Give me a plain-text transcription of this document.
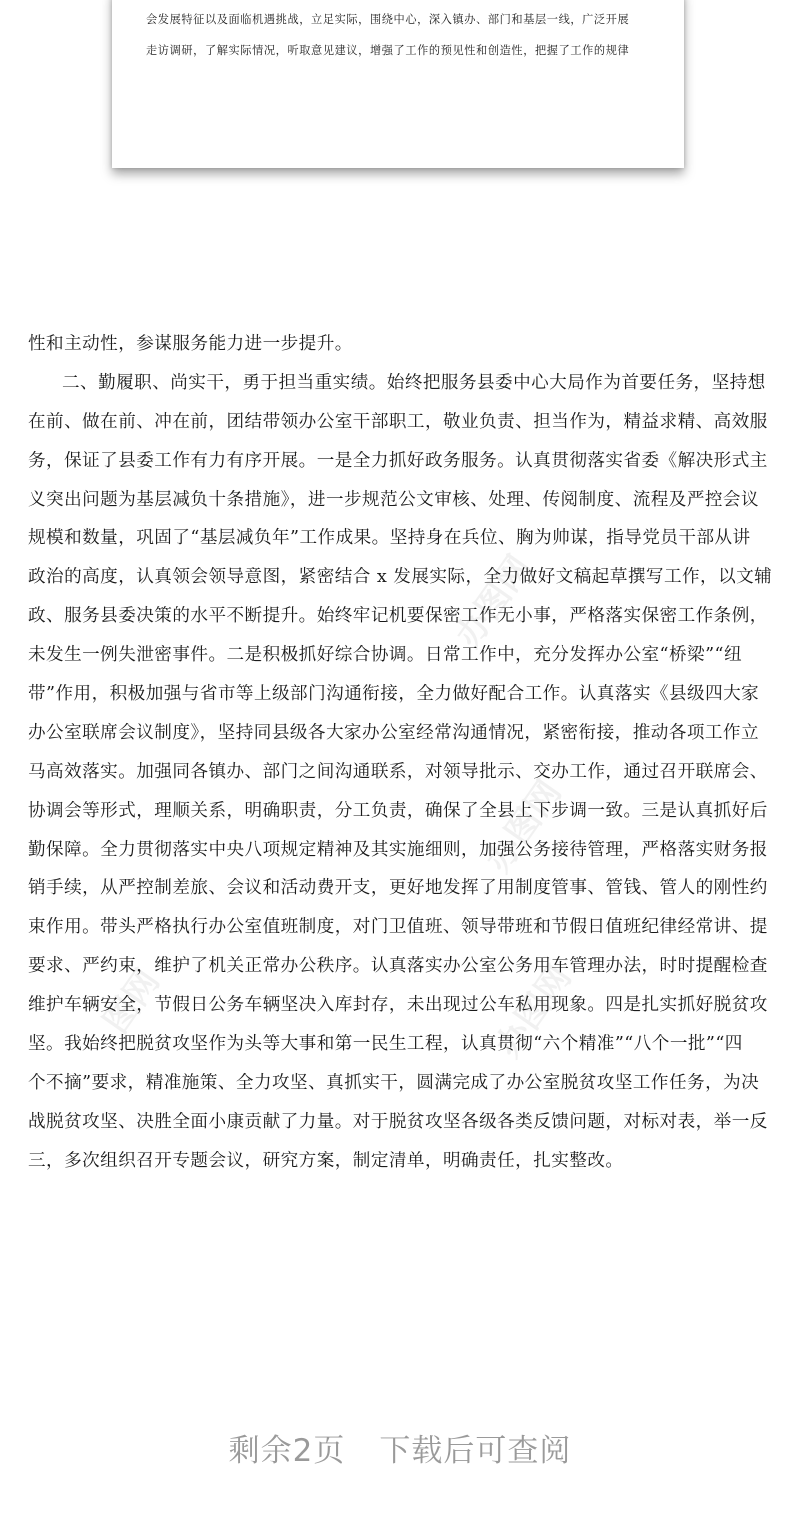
会发展特征以及面临机遇挑战，立足实际，围绕中心，深入镇办、部门和基层一线，广泛开展
走访调研，了解实际情况，听取意见建议，增强了工作的预见性和创造性，把握了工作的规律
办图网
办图网
办图网
图网
性和主动性，参谋服务能力进一步提升。
二、勤履职、尚实干，勇于担当重实绩。始终把服务县委中心大局作为首要任务，坚持想
在前、做在前、冲在前，团结带领办公室干部职工，敬业负责、担当作为，精益求精、高效服
务，保证了县委工作有力有序开展。一是全力抓好政务服务。认真贯彻落实省委《解决形式主
义突出问题为基层减负十条措施》，进一步规范公文审核、处理、传阅制度、流程及严控会议
规模和数量，巩固了“基层减负年”工作成果。坚持身在兵位、胸为帅谋，指导党员干部从讲
政治的高度，认真领会领导意图，紧密结合 x 发展实际，全力做好文稿起草撰写工作，以文辅
政、服务县委决策的水平不断提升。始终牢记机要保密工作无小事，严格落实保密工作条例，
未发生一例失泄密事件。二是积极抓好综合协调。日常工作中，充分发挥办公室“桥梁”“纽
带”作用，积极加强与省市等上级部门沟通衔接，全力做好配合工作。认真落实《县级四大家
办公室联席会议制度》，坚持同县级各大家办公室经常沟通情况，紧密衔接，推动各项工作立
马高效落实。加强同各镇办、部门之间沟通联系，对领导批示、交办工作，通过召开联席会、
协调会等形式，理顺关系，明确职责，分工负责，确保了全县上下步调一致。三是认真抓好后
勤保障。全力贯彻落实中央八项规定精神及其实施细则，加强公务接待管理，严格落实财务报
销手续，从严控制差旅、会议和活动费开支，更好地发挥了用制度管事、管钱、管人的刚性约
束作用。带头严格执行办公室值班制度，对门卫值班、领导带班和节假日值班纪律经常讲、提
要求、严约束，维护了机关正常办公秩序。认真落实办公室公务用车管理办法，时时提醒检查
维护车辆安全，节假日公务车辆坚决入库封存，未出现过公车私用现象。四是扎实抓好脱贫攻
坚。我始终把脱贫攻坚作为头等大事和第一民生工程，认真贯彻“六个精准”“八个一批”“四
个不摘”要求，精准施策、全力攻坚、真抓实干，圆满完成了办公室脱贫攻坚工作任务，为决
战脱贫攻坚、决胜全面小康贡献了力量。对于脱贫攻坚各级各类反馈问题，对标对表，举一反
三，多次组织召开专题会议，研究方案，制定清单，明确责任，扎实整改。
剩余2页 下载后可查阅
